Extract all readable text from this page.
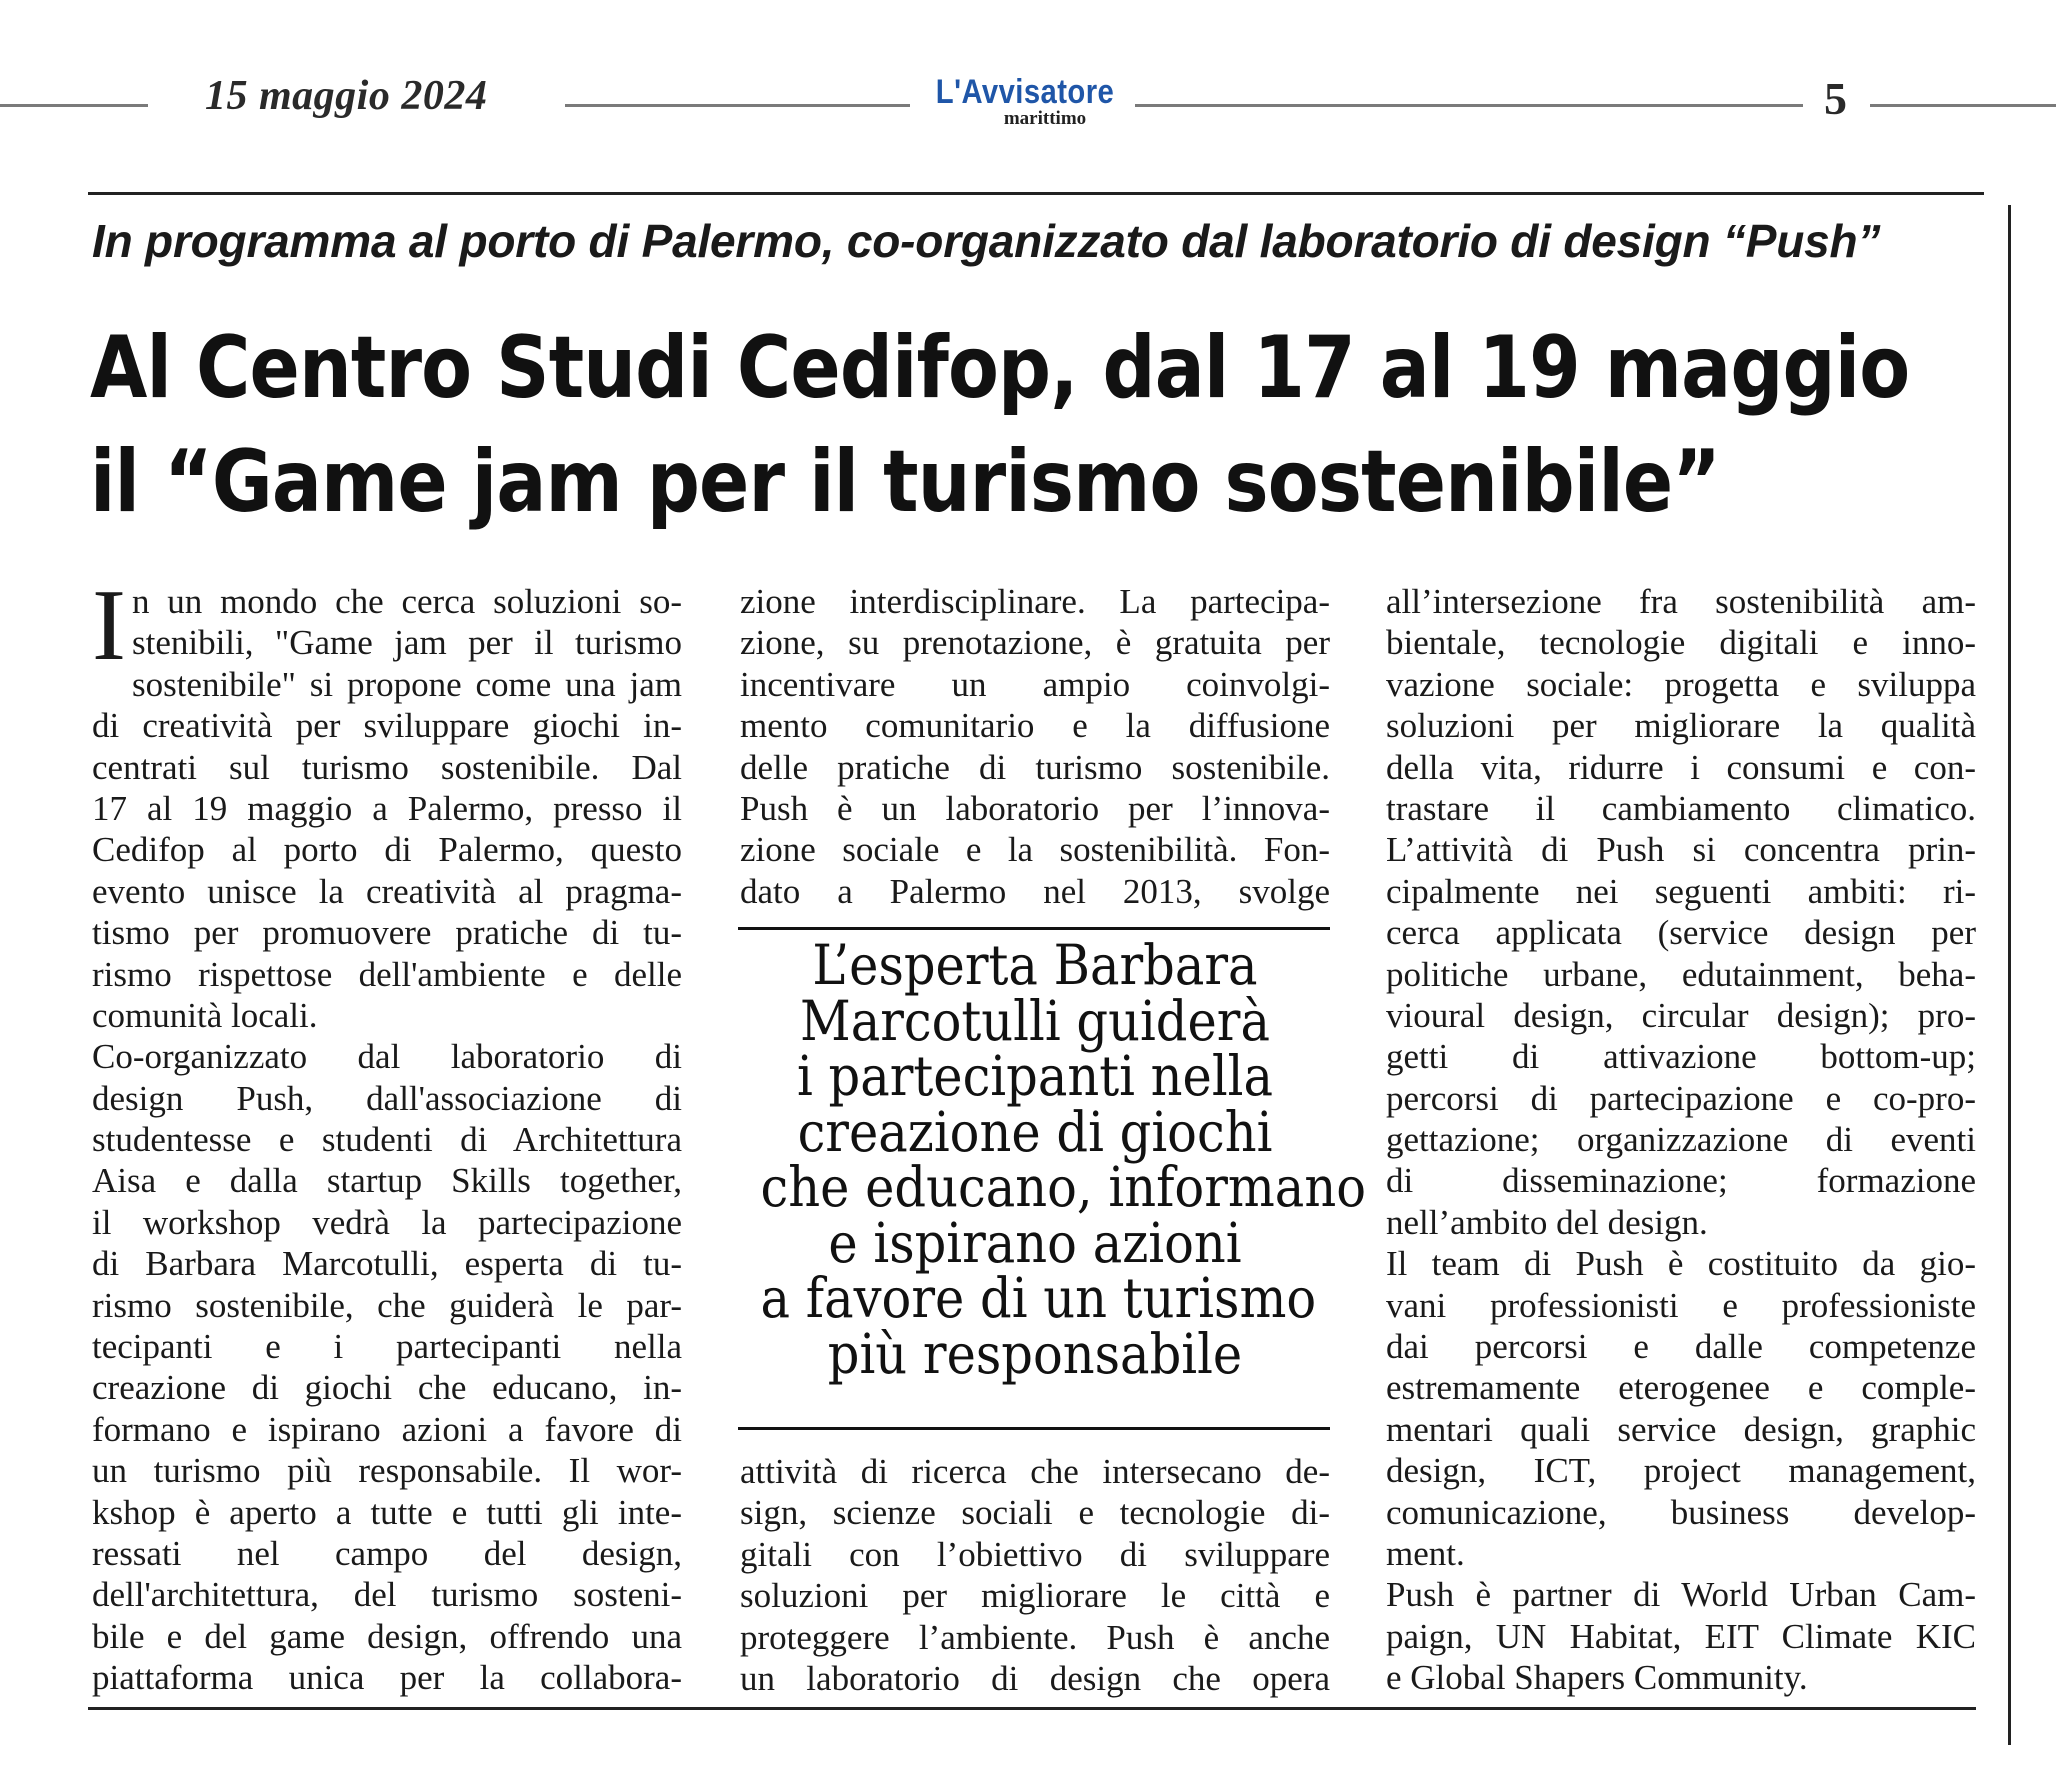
15 maggio 2024	L'Avvisatore
marittimo	5
In programma al porto di Palermo, co-organizzato dal laboratorio di design “Push”
Al Centro Studi Cedifop, dal 17 al 19 maggio
il “Game jam per il turismo sostenibile”
I n un mondo che cerca soluzioni so-
stenibili, "Game jam per il turismo
sostenibile" si propone come una jam
di creatività per sviluppare giochi in-
centrati sul turismo sostenibile. Dal
17 al 19 maggio a Palermo, presso il
Cedifop al porto di Palermo, questo
evento unisce la creatività al pragma-
tismo per promuovere pratiche di tu-
rismo rispettose dell'ambiente e delle
comunità locali.
Co-organizzato dal laboratorio di
design Push, dall'associazione di
studentesse e studenti di Architettura
Aisa e dalla startup Skills together,
il workshop vedrà la partecipazione
di Barbara Marcotulli, esperta di tu-
rismo sostenibile, che guiderà le par-
tecipanti e i partecipanti nella
creazione di giochi che educano, in-
formano e ispirano azioni a favore di
un turismo più responsabile. Il wor-
kshop è aperto a tutte e tutti gli inte-
ressati nel campo del design,
dell'architettura, del turismo sosteni-
bile e del game design, offrendo una
piattaforma unica per la collabora-
zione interdisciplinare. La partecipa-
zione, su prenotazione, è gratuita per
incentivare un ampio coinvolgi-
mento comunitario e la diffusione
delle pratiche di turismo sostenibile.
Push è un laboratorio per l’innova-
zione sociale e la sostenibilità. Fon-
dato a Palermo nel 2013, svolge
L’esperta Barbara
Marcotulli guiderà
i partecipanti nella
creazione di giochi
che educano, informano
e ispirano azioni
a favore di un turismo
più responsabile
attività di ricerca che intersecano de-
sign, scienze sociali e tecnologie di-
gitali con l’obiettivo di sviluppare
soluzioni per migliorare le città e
proteggere l’ambiente. Push è anche
un laboratorio di design che opera
all’intersezione fra sostenibilità am-
bientale, tecnologie digitali e inno-
vazione sociale: progetta e sviluppa
soluzioni per migliorare la qualità
della vita, ridurre i consumi e con-
trastare il cambiamento climatico.
L’attività di Push si concentra prin-
cipalmente nei seguenti ambiti: ri-
cerca applicata (service design per
politiche urbane, edutainment, beha-
vioural design, circular design); pro-
getti di attivazione bottom-up;
percorsi di partecipazione e co-pro-
gettazione; organizzazione di eventi
di disseminazione; formazione
nell’ambito del design.
Il team di Push è costituito da gio-
vani professionisti e professioniste
dai percorsi e dalle competenze
estremamente eterogenee e comple-
mentari quali service design, graphic
design, ICT, project management,
comunicazione, business develop-
ment.
Push è partner di World Urban Cam-
paign, UN Habitat, EIT Climate KIC
e Global Shapers Community.
